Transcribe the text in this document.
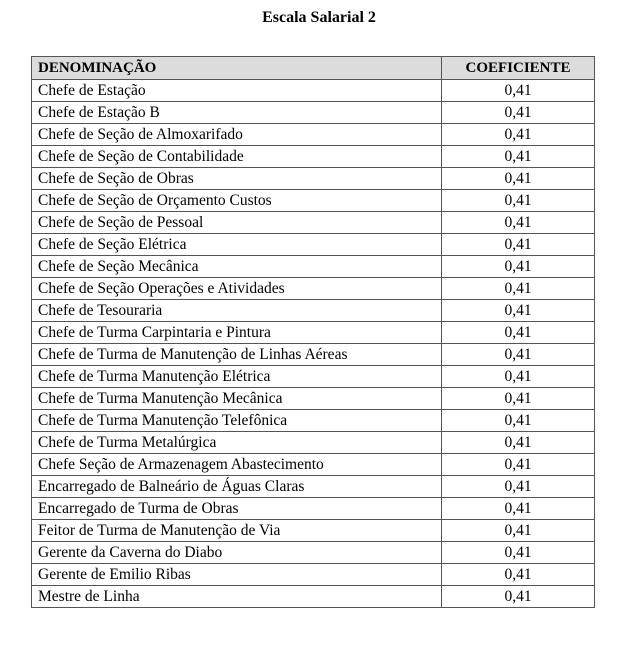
Escala Salarial 2
DENOMINAÇÃO	COEFICIENTE
Chefe de Estação	0,41
Chefe de Estação B	0,41
Chefe de Seção de Almoxarifado	0,41
Chefe de Seção de Contabilidade	0,41
Chefe de Seção de Obras	0,41
Chefe de Seção de Orçamento Custos	0,41
Chefe de Seção de Pessoal	0,41
Chefe de Seção Elétrica	0,41
Chefe de Seção Mecânica	0,41
Chefe de Seção Operações e Atividades	0,41
Chefe de Tesouraria	0,41
Chefe de Turma Carpintaria e Pintura	0,41
Chefe de Turma de Manutenção de Linhas Aéreas	0,41
Chefe de Turma Manutenção Elétrica	0,41
Chefe de Turma Manutenção Mecânica	0,41
Chefe de Turma Manutenção Telefônica	0,41
Chefe de Turma Metalúrgica	0,41
Chefe Seção de Armazenagem Abastecimento	0,41
Encarregado de Balneário de Águas Claras	0,41
Encarregado de Turma de Obras	0,41
Feitor de Turma de Manutenção de Via	0,41
Gerente da Caverna do Diabo	0,41
Gerente de Emilio Ribas	0,41
Mestre de Linha	0,41
